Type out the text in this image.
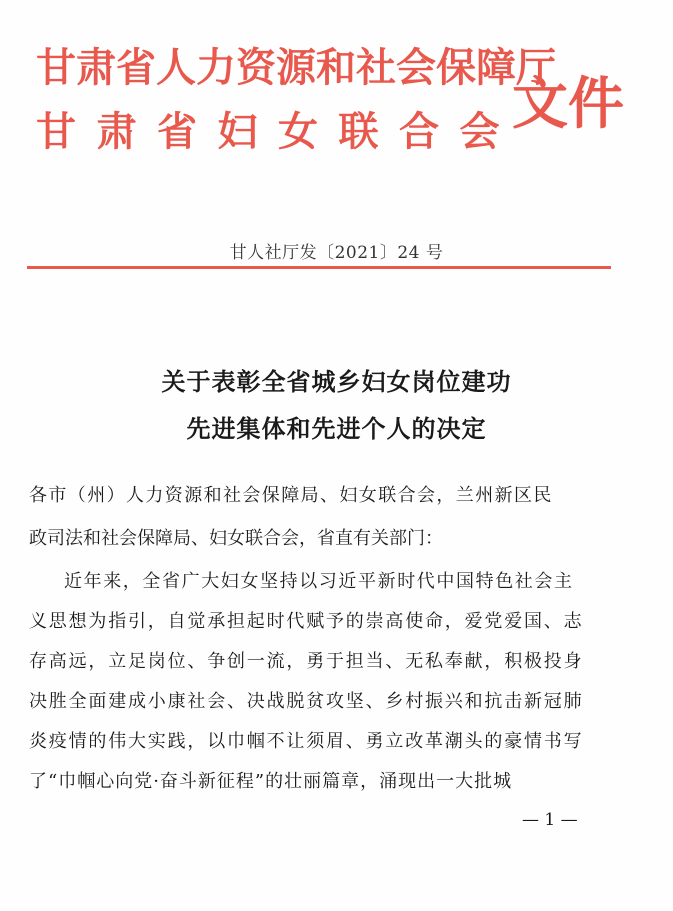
甘肃省人力资源和社会保障厅
甘肃省妇女联合会
文件
甘人社厅发〔2021〕24 号
关于表彰全省城乡妇女岗位建功
先进集体和先进个人的决定
各市（州）人力资源和社会保障局、妇女联合会，兰州新区民
政司法和社会保障局、妇女联合会，省直有关部门：
近年来，全省广大妇女坚持以习近平新时代中国特色社会主
义思想为指引，自觉承担起时代赋予的崇高使命，爱党爱国、志
存高远，立足岗位、争创一流，勇于担当、无私奉献，积极投身
决胜全面建成小康社会、决战脱贫攻坚、乡村振兴和抗击新冠肺
炎疫情的伟大实践，以巾帼不让须眉、勇立改革潮头的豪情书写
了“巾帼心向党·奋斗新征程”的壮丽篇章，涌现出一大批城
— 1 —
